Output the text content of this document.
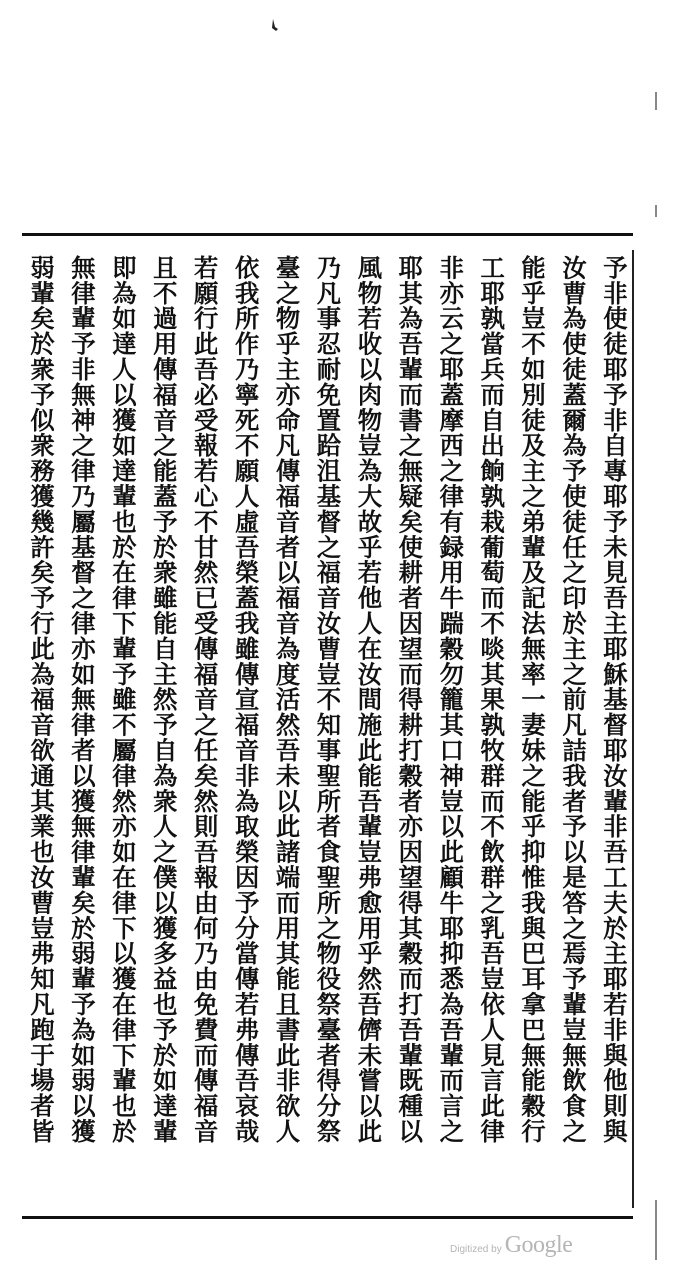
予非使徒耶予非自專耶予未見吾主耶穌基督耶汝輩非吾工夫於主耶若非與他則與
汝曹為使徒蓋爾為予使徒任之印於主之前凡詰我者予以是答之焉予輩豈無飲食之
能乎豈不如別徒及主之弟輩及記法無率一妻妹之能乎抑惟我與巴耳拿巴無能穀行
工耶孰當兵而自出餉孰栽葡萄而不啖其果孰牧群而不飲群之乳吾豈依人見言此律
非亦云之耶蓋摩西之律有録用牛踹穀勿籠其口神豈以此顧牛耶抑悉為吾輩而言之
耶其為吾輩而書之無疑矣使耕者因望而得耕打穀者亦因望得其穀而打吾輩既種以
風物若收以肉物豈為大故乎若他人在汝間施此能吾輩豈弗愈用乎然吾儕未嘗以此
乃凡事忍耐免置跲沮基督之福音汝曹豈不知事聖所者食聖所之物役祭臺者得分祭
臺之物乎主亦命凡傳福音者以福音為度活然吾未以此諸端而用其能且書此非欲人
依我所作乃寧死不願人虛吾榮蓋我雖傳宣福音非為取榮因予分當傳若弗傳吾哀哉
若願行此吾必受報若心不甘然已受傳福音之任矣然則吾報由何乃由免費而傳福音
且不過用傳福音之能蓋予於衆雖能自主然予自為衆人之僕以獲多益也予於如達輩
即為如達人以獲如達輩也於在律下輩予雖不屬律然亦如在律下以獲在律下輩也於
無律輩予非無神之律乃屬基督之律亦如無律者以獲無律輩矣於弱輩予為如弱以獲
弱輩矣於衆予似衆務獲幾許矣予行此為福音欲通其業也汝曹豈弗知凡跑于場者皆
Digitized by Google
